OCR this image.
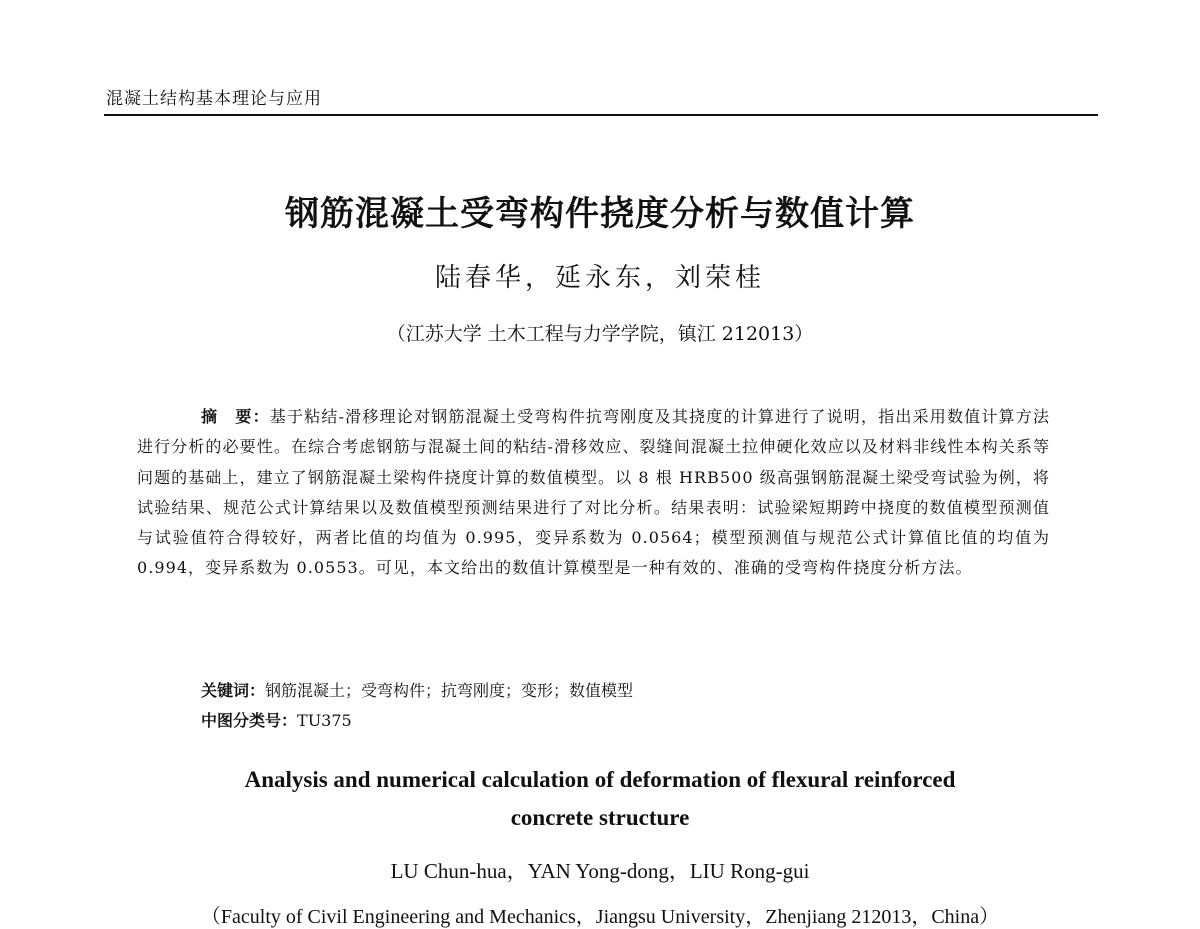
混凝土结构基本理论与应用
钢筋混凝土受弯构件挠度分析与数值计算
陆春华，延永东，刘荣桂
（江苏大学 土木工程与力学学院，镇江 212013）
摘　要：基于粘结-滑移理论对钢筋混凝土受弯构件抗弯刚度及其挠度的计算进行了说明，指出采用数值计算方法进行分析的必要性。在综合考虑钢筋与混凝土间的粘结-滑移效应、裂缝间混凝土拉伸硬化效应以及材料非线性本构关系等问题的基础上，建立了钢筋混凝土梁构件挠度计算的数值模型。以 8 根 HRB500 级高强钢筋混凝土梁受弯试验为例，将试验结果、规范公式计算结果以及数值模型预测结果进行了对比分析。结果表明：试验梁短期跨中挠度的数值模型预测值与试验值符合得较好，两者比值的均值为 0.995，变异系数为 0.0564；模型预测值与规范公式计算值比值的均值为 0.994，变异系数为 0.0553。可见，本文给出的数值计算模型是一种有效的、准确的受弯构件挠度分析方法。
关键词：钢筋混凝土；受弯构件；抗弯刚度；变形；数值模型
中图分类号：TU375
Analysis and numerical calculation of deformation of flexural reinforced
concrete structure
LU Chun-hua，YAN Yong-dong，LIU Rong-gui
（Faculty of Civil Engineering and Mechanics，Jiangsu University，Zhenjiang 212013，China）
